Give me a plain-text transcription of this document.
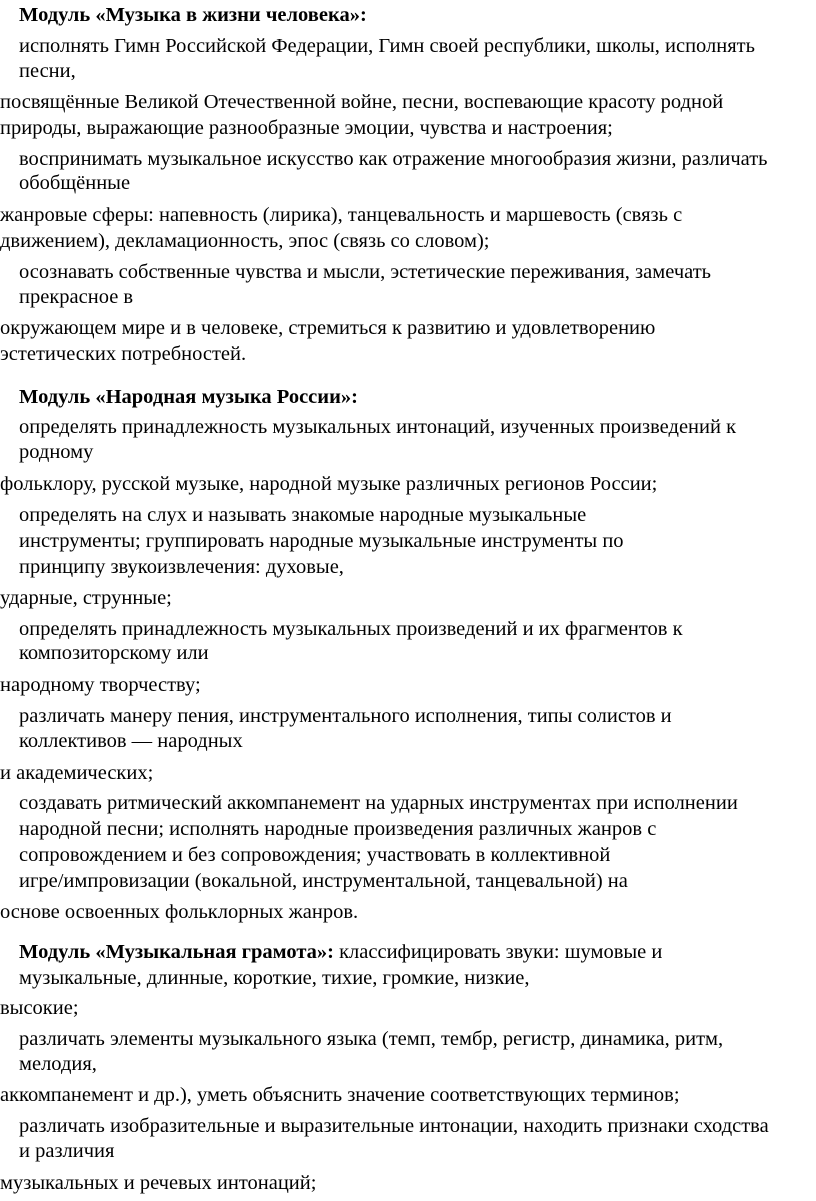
Модуль «Музыка в жизни человека»:
исполнять Гимн Российской Федерации, Гимн своей республики, школы, исполнять
песни,
посвящённые Великой Отечественной войне, песни, воспевающие красоту родной
природы, выражающие разнообразные эмоции, чувства и настроения;
воспринимать музыкальное искусство как отражение многообразия жизни, различать
обобщённые
жанровые сферы: напевность (лирика), танцевальность и маршевость (связь с
движением), декламационность, эпос (связь со словом);
осознавать собственные чувства и мысли, эстетические переживания, замечать
прекрасное в
окружающем мире и в человеке, стремиться к развитию и удовлетворению
эстетических потребностей.
Модуль «Народная музыка России»:
определять принадлежность музыкальных интонаций, изученных произведений к
родному
фольклору, русской музыке, народной музыке различных регионов России;
определять на слух и называть знакомые народные музыкальные
инструменты; группировать народные музыкальные инструменты по
принципу звукоизвлечения: духовые,
ударные, струнные;
определять принадлежность музыкальных произведений и их фрагментов к
композиторскому или
народному творчеству;
различать манеру пения, инструментального исполнения, типы солистов и
коллективов — народных
и академических;
создавать ритмический аккомпанемент на ударных инструментах при исполнении
народной песни; исполнять народные произведения различных жанров с
сопровождением и без сопровождения; участвовать в коллективной
игре/импровизации (вокальной, инструментальной, танцевальной) на
основе освоенных фольклорных жанров.
Модуль «Музыкальная грамота»: классифицировать звуки: шумовые и
музыкальные, длинные, короткие, тихие, громкие, низкие,
высокие;
различать элементы музыкального языка (темп, тембр, регистр, динамика, ритм,
мелодия,
аккомпанемент и др.), уметь объяснить значение соответствующих терминов;
различать изобразительные и выразительные интонации, находить признаки сходства
и различия
музыкальных и речевых интонаций;
